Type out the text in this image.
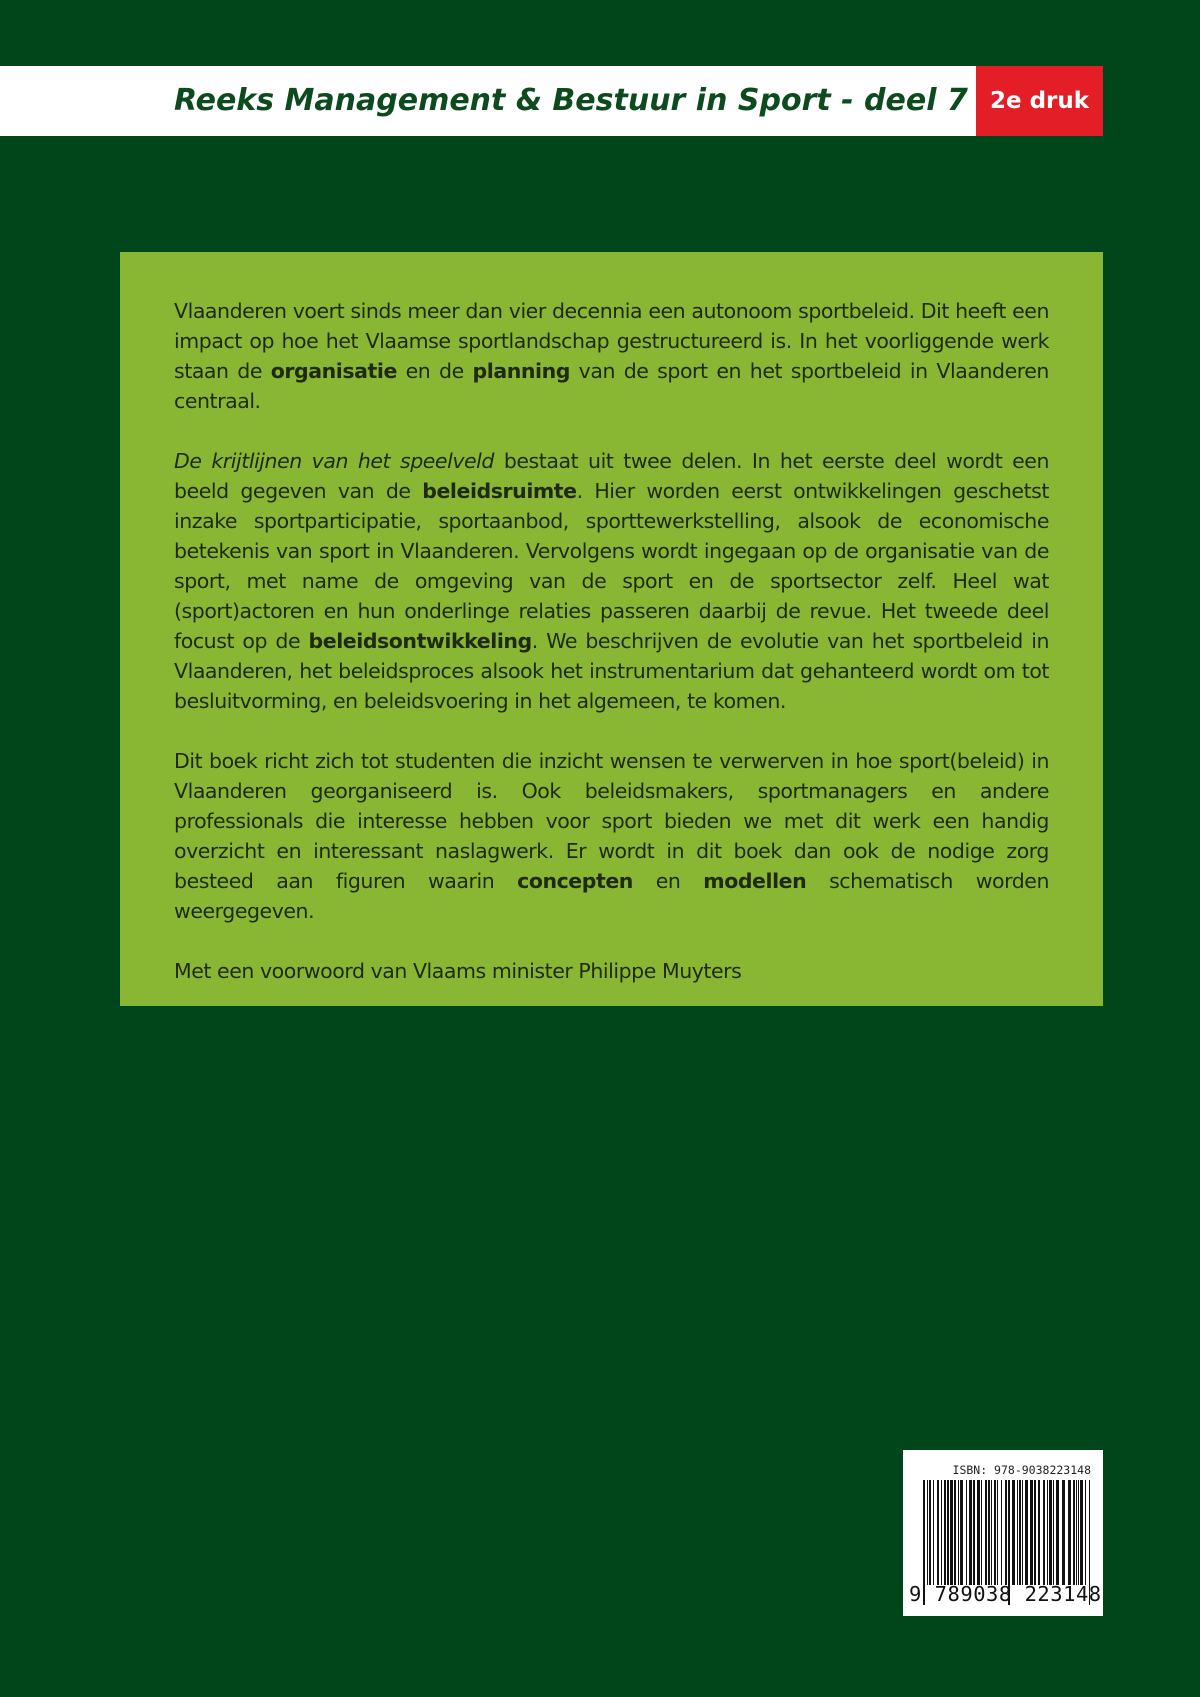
Reeks Management & Bestuur in Sport - deel 7 2e druk

Vlaanderen voert sinds meer dan vier decennia een autonoom sportbeleid. Dit heeft een impact op hoe het Vlaamse sportlandschap gestructureerd is. In het voorliggende werk staan de organisatie en de planning van de sport en het sportbeleid in Vlaanderen centraal.

De krijtlijnen van het speelveld bestaat uit twee delen. In het eerste deel wordt een beeld gegeven van de beleidsruimte. Hier worden eerst ontwikkelingen geschetst inzake sportparticipatie, sportaanbod, sporttewerkstelling, alsook de economische betekenis van sport in Vlaanderen. Vervolgens wordt ingegaan op de organisatie van de sport, met name de omgeving van de sport en de sportsector zelf. Heel wat (sport)actoren en hun onderlinge relaties passeren daarbij de revue. Het tweede deel focust op de beleidsontwikkeling. We beschrijven de evolutie van het sportbeleid in Vlaanderen, het beleidsproces alsook het instrumentarium dat gehanteerd wordt om tot besluitvorming, en beleidsvoering in het algemeen, te komen.

Dit boek richt zich tot studenten die inzicht wensen te verwerven in hoe sport(beleid) in Vlaanderen georganiseerd is. Ook beleidsmakers, sportmanagers en andere professionals die interesse hebben voor sport bieden we met dit werk een handig overzicht en interessant naslagwerk. Er wordt in dit boek dan ook de nodige zorg besteed aan figuren waarin concepten en modellen schematisch worden weergegeven.

Met een voorwoord van Vlaams minister Philippe Muyters

ISBN: 978-9038223148
9 789038 223148
